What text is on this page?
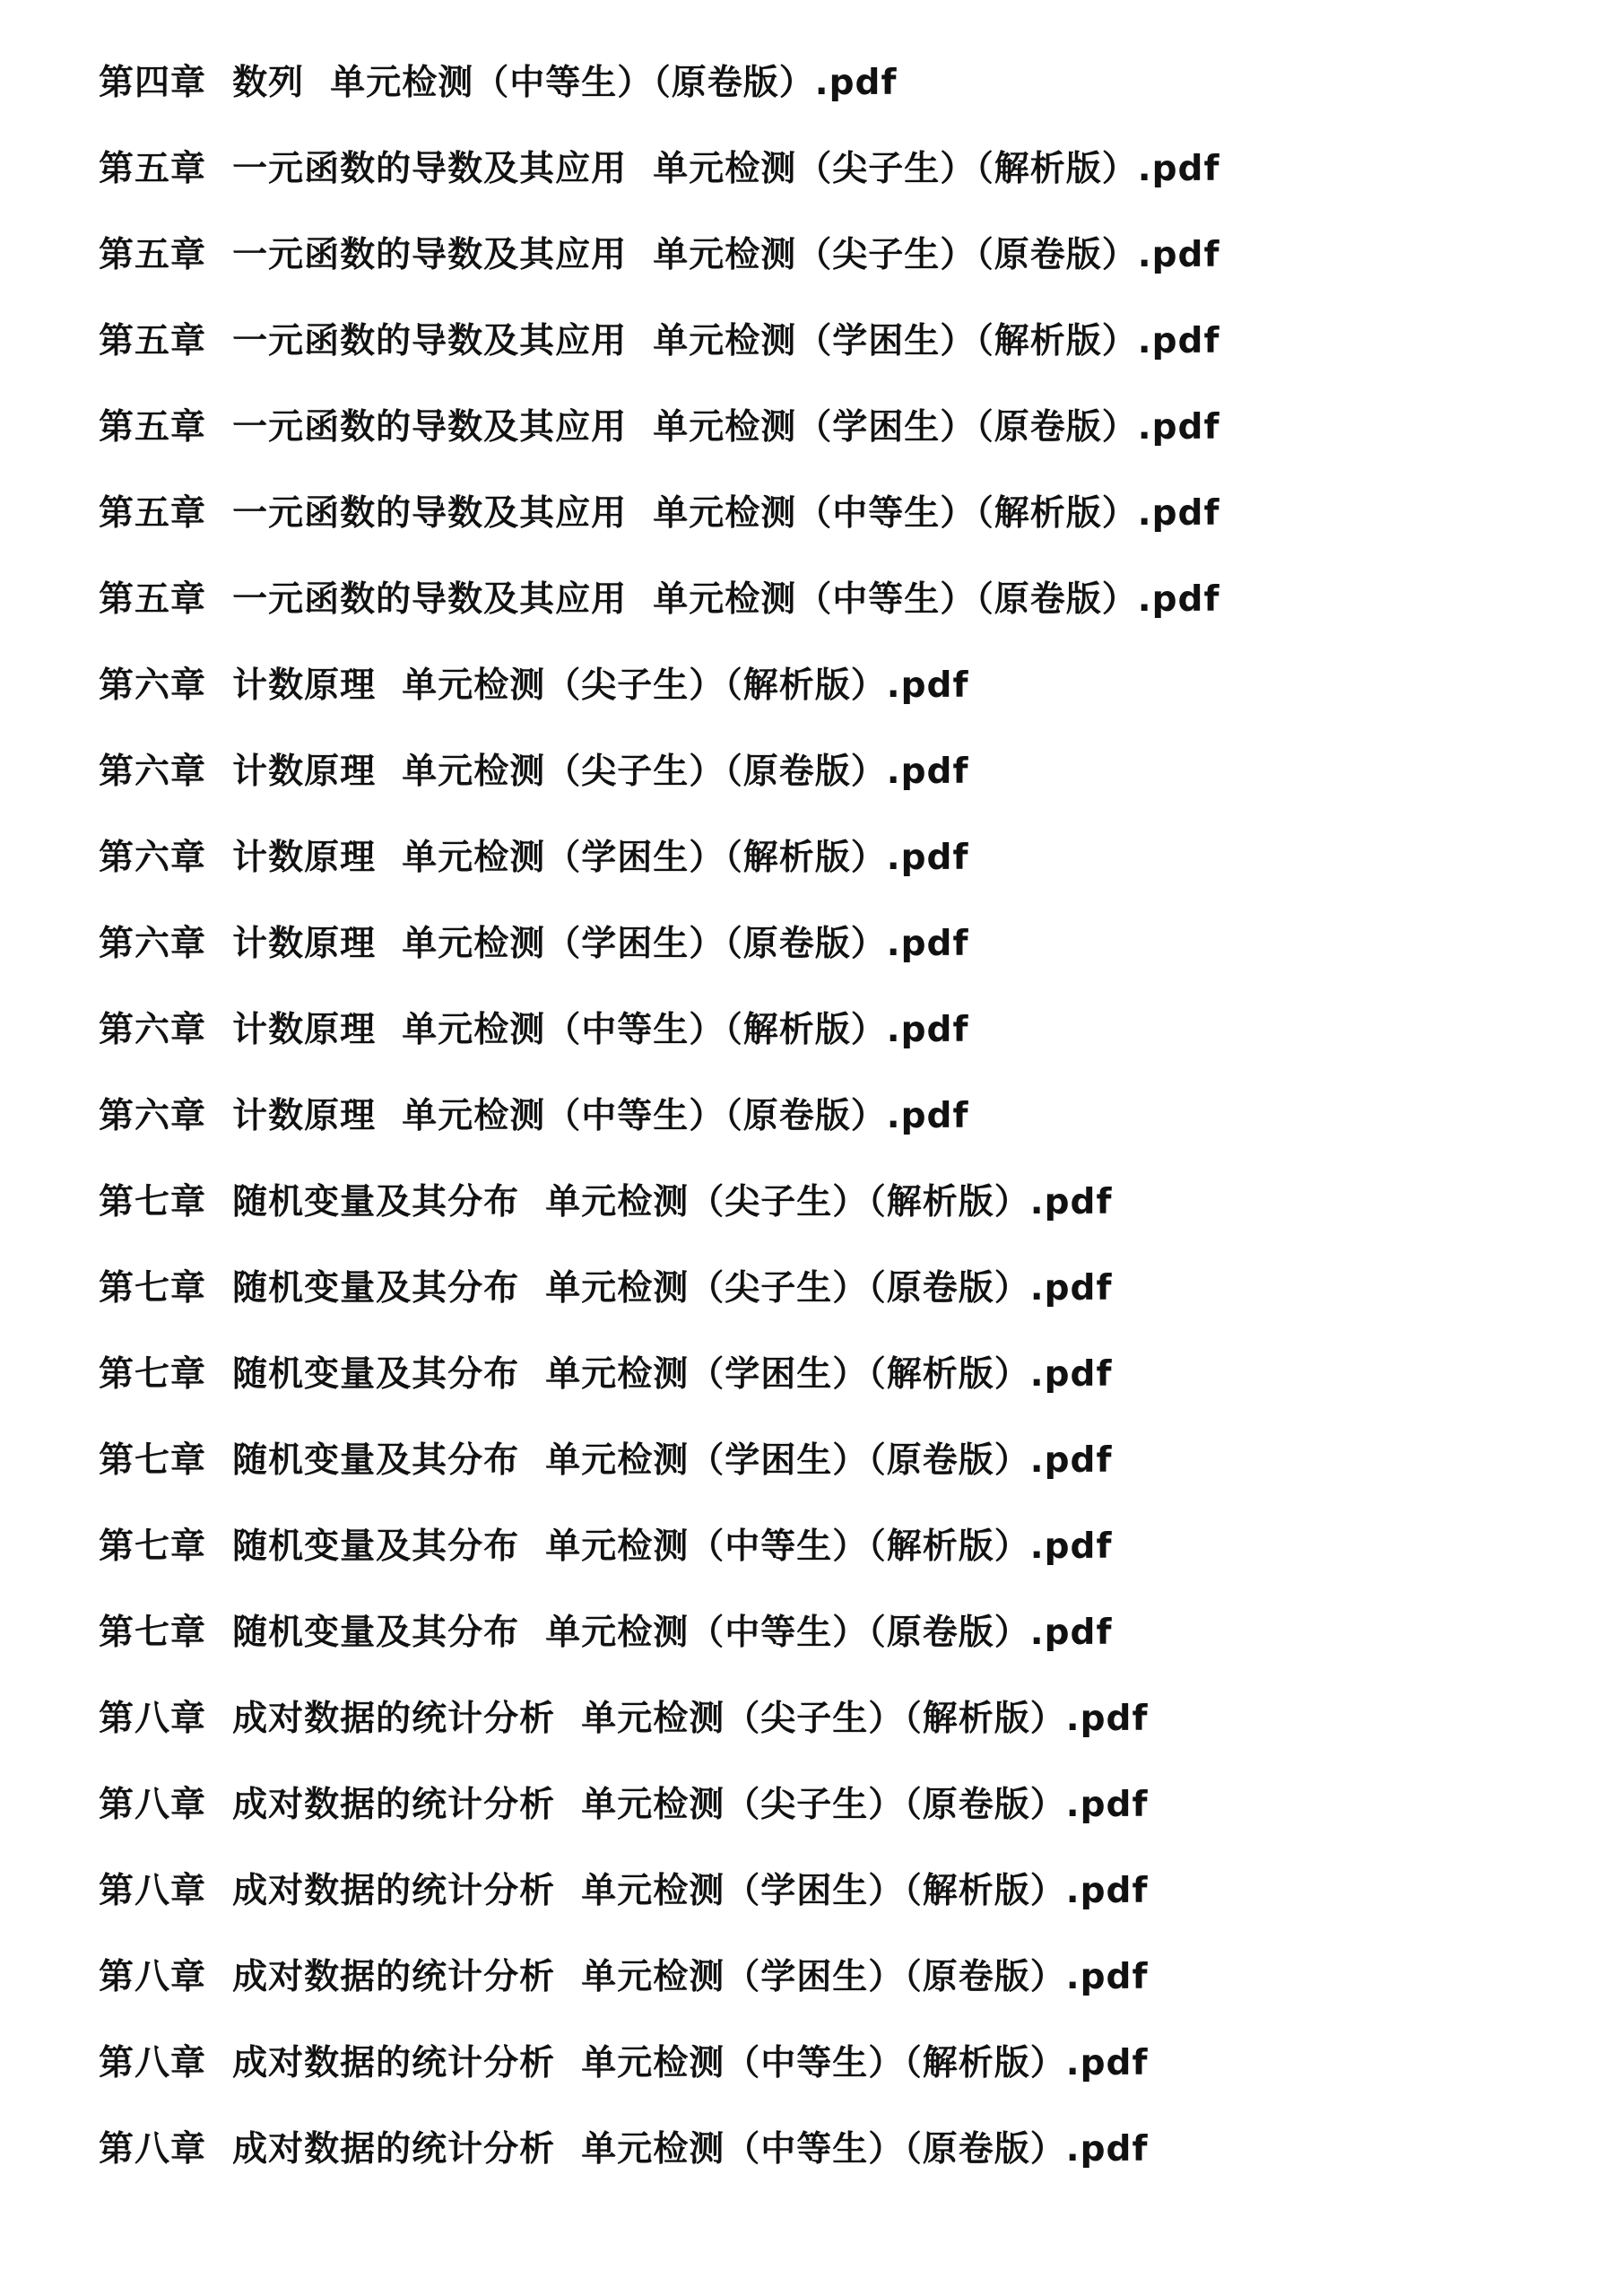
第四章  数列  单元检测（中等生）（原卷版）.pdf
第五章  一元函数的导数及其应用  单元检测（尖子生）（解析版）.pdf
第五章  一元函数的导数及其应用  单元检测（尖子生）（原卷版）.pdf
第五章  一元函数的导数及其应用  单元检测（学困生）（解析版）.pdf
第五章  一元函数的导数及其应用  单元检测（学困生）（原卷版）.pdf
第五章  一元函数的导数及其应用  单元检测（中等生）（解析版）.pdf
第五章  一元函数的导数及其应用  单元检测（中等生）（原卷版）.pdf
第六章  计数原理  单元检测（尖子生）（解析版）.pdf
第六章  计数原理  单元检测（尖子生）（原卷版）.pdf
第六章  计数原理  单元检测（学困生）（解析版）.pdf
第六章  计数原理  单元检测（学困生）（原卷版）.pdf
第六章  计数原理  单元检测（中等生）（解析版）.pdf
第六章  计数原理  单元检测（中等生）（原卷版）.pdf
第七章  随机变量及其分布  单元检测（尖子生）（解析版）.pdf
第七章  随机变量及其分布  单元检测（尖子生）（原卷版）.pdf
第七章  随机变量及其分布  单元检测（学困生）（解析版）.pdf
第七章  随机变量及其分布  单元检测（学困生）（原卷版）.pdf
第七章  随机变量及其分布  单元检测（中等生）（解析版）.pdf
第七章  随机变量及其分布  单元检测（中等生）（原卷版）.pdf
第八章  成对数据的统计分析  单元检测（尖子生）（解析版）.pdf
第八章  成对数据的统计分析  单元检测（尖子生）（原卷版）.pdf
第八章  成对数据的统计分析  单元检测（学困生）（解析版）.pdf
第八章  成对数据的统计分析  单元检测（学困生）（原卷版）.pdf
第八章  成对数据的统计分析  单元检测（中等生）（解析版）.pdf
第八章  成对数据的统计分析  单元检测（中等生）（原卷版）.pdf
